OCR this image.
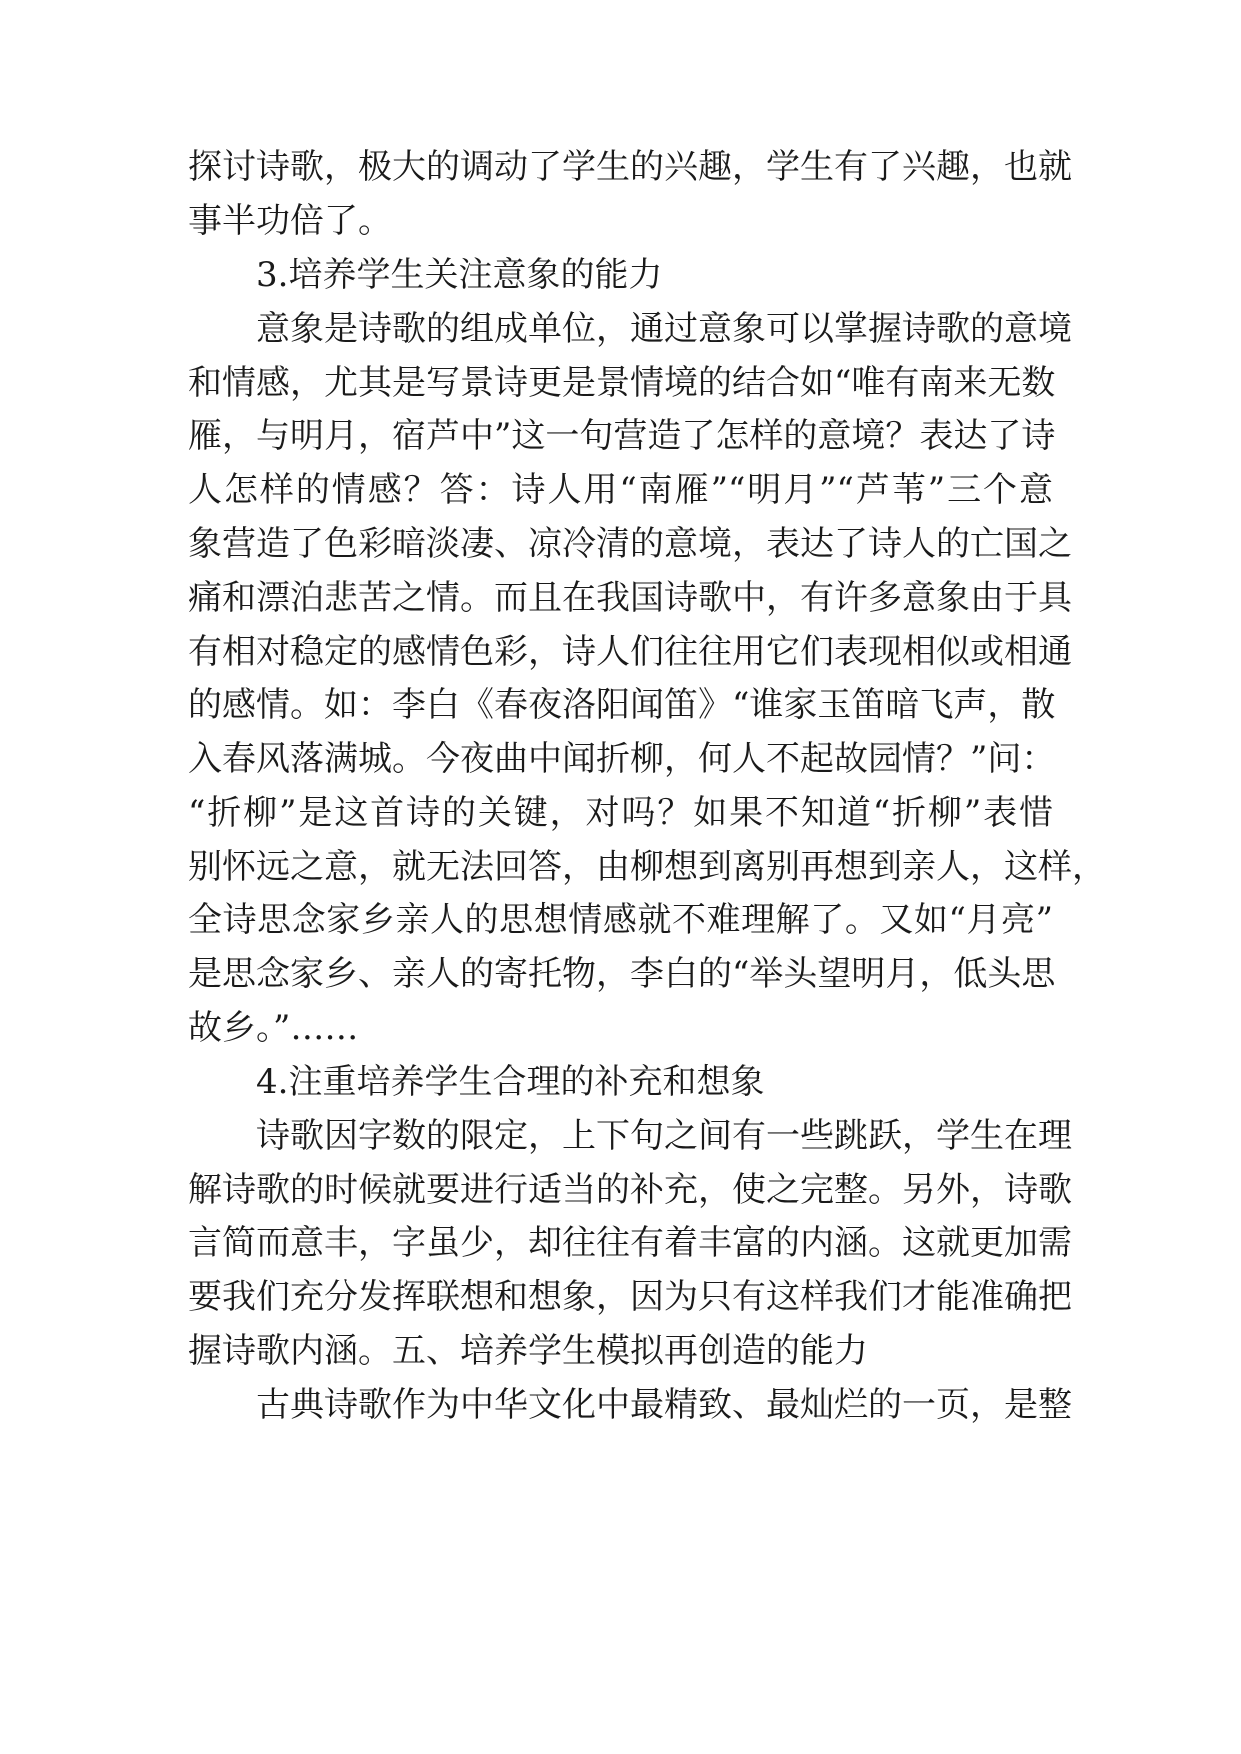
探讨诗歌，极大的调动了学生的兴趣，学生有了兴趣，也就
事半功倍了。
3.培养学生关注意象的能力
意象是诗歌的组成单位，通过意象可以掌握诗歌的意境
和情感，尤其是写景诗更是景情境的结合如“唯有南来无数
雁，与明月，宿芦中”这一句营造了怎样的意境？表达了诗
人怎样的情感？答：诗人用“南雁”“明月”“芦苇”三个意
象营造了色彩暗淡凄、凉冷清的意境，表达了诗人的亡国之
痛和漂泊悲苦之情。而且在我国诗歌中，有许多意象由于具
有相对稳定的感情色彩，诗人们往往用它们表现相似或相通
的感情。如：李白《春夜洛阳闻笛》“谁家玉笛暗飞声，散
入春风落满城。今夜曲中闻折柳，何人不起故园情？”问：
“折柳”是这首诗的关键，对吗？如果不知道“折柳”表惜
别怀远之意，就无法回答，由柳想到离别再想到亲人，这样，
全诗思念家乡亲人的思想情感就不难理解了。又如“月亮”
是思念家乡、亲人的寄托物，李白的“举头望明月，低头思
故乡。”……
4.注重培养学生合理的补充和想象
诗歌因字数的限定，上下句之间有一些跳跃，学生在理
解诗歌的时候就要进行适当的补充，使之完整。另外，诗歌
言简而意丰，字虽少，却往往有着丰富的内涵。这就更加需
要我们充分发挥联想和想象，因为只有这样我们才能准确把
握诗歌内涵。五、培养学生模拟再创造的能力
古典诗歌作为中华文化中最精致、最灿烂的一页，是整
